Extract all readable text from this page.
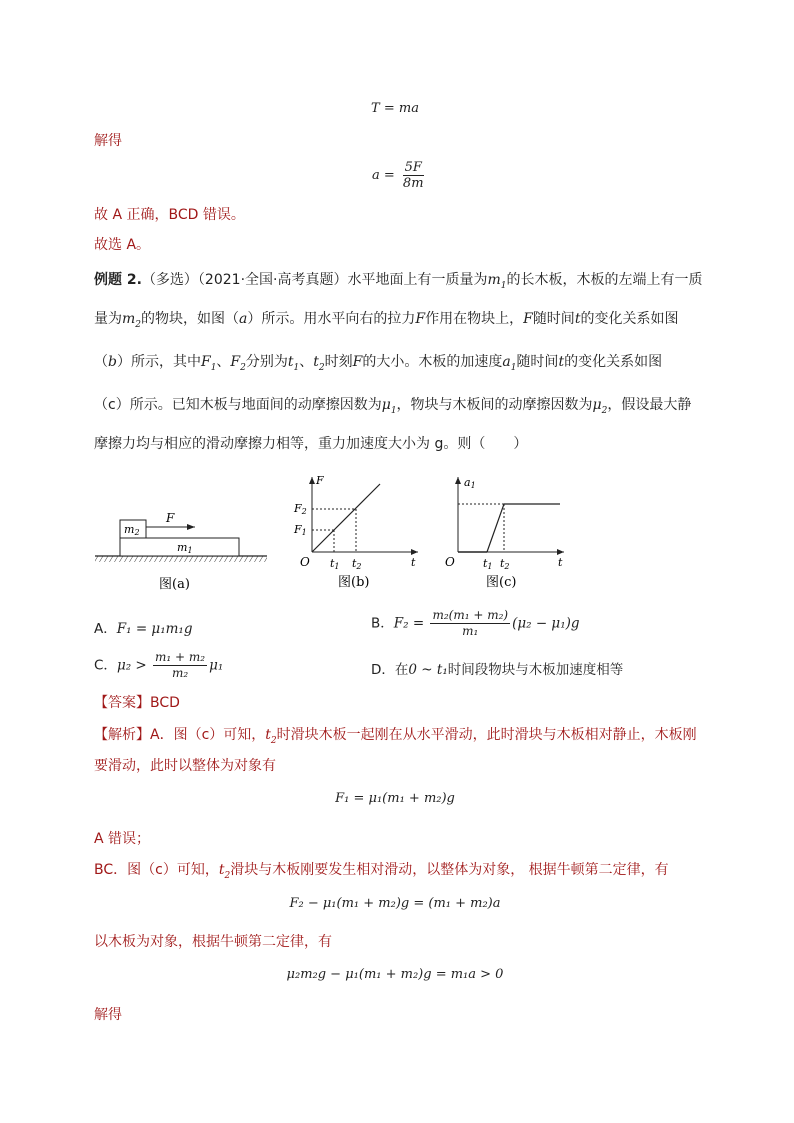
T = ma
解得
$a = \frac{5F}{8m}$
故 A 正确，BCD 错误。
故选 A。
例题 2.（多选）（2021·全国·高考真题）水平地面上有一质量为$m_1$的长木板，木板的左端上有一质
量为$m_2$的物块，如图（a）所示。用水平向右的拉力F作用在物块上，F随时间t的变化关系如图
（b）所示，其中$F_1$、$F_2$分别为$t_1$、$t_2$时刻F的大小。木板的加速度$a_1$随时间t的变化关系如图
（c）所示。已知木板与地面间的动摩擦因数为$\mu_1$，物块与木板间的动摩擦因数为$\mu_2$，假设最大静
摩擦力均与相应的滑动摩擦力相等，重力加速度大小为 g。则（　　）
m2
m1
F
图(a)
F
F2
F1
O t1 t2	t
图(b)
a1
O	t1 t2	t
图(c)
A．F₁ = μ₁m₁g	B．$F_2 = \frac{\text{m₂(m₁ + m₂)}}{\text{m₁}} (\mu_2 - \mu_1)g$
C．$\mu_2 > \frac{\text{m₁ + m₂}}{\text{m₂}} \mu_1$	D．在0 ~ t₁时间段物块与木板加速度相等
【答案】BCD
【解析】A．图（c）可知，$t_2$时滑块木板一起刚在从水平滑动，此时滑块与木板相对静止，木板刚
要滑动，此时以整体为对象有
F₁ = μ₁(m₁ + m₂)g
A 错误；
BC．图（c）可知，$t_2$滑块与木板刚要发生相对滑动，以整体为对象， 根据牛顿第二定律，有
F₂ − μ₁(m₁ + m₂)g = (m₁ + m₂)a
以木板为对象，根据牛顿第二定律，有
μ₂m₂g − μ₁(m₁ + m₂)g = m₁a > 0
解得
